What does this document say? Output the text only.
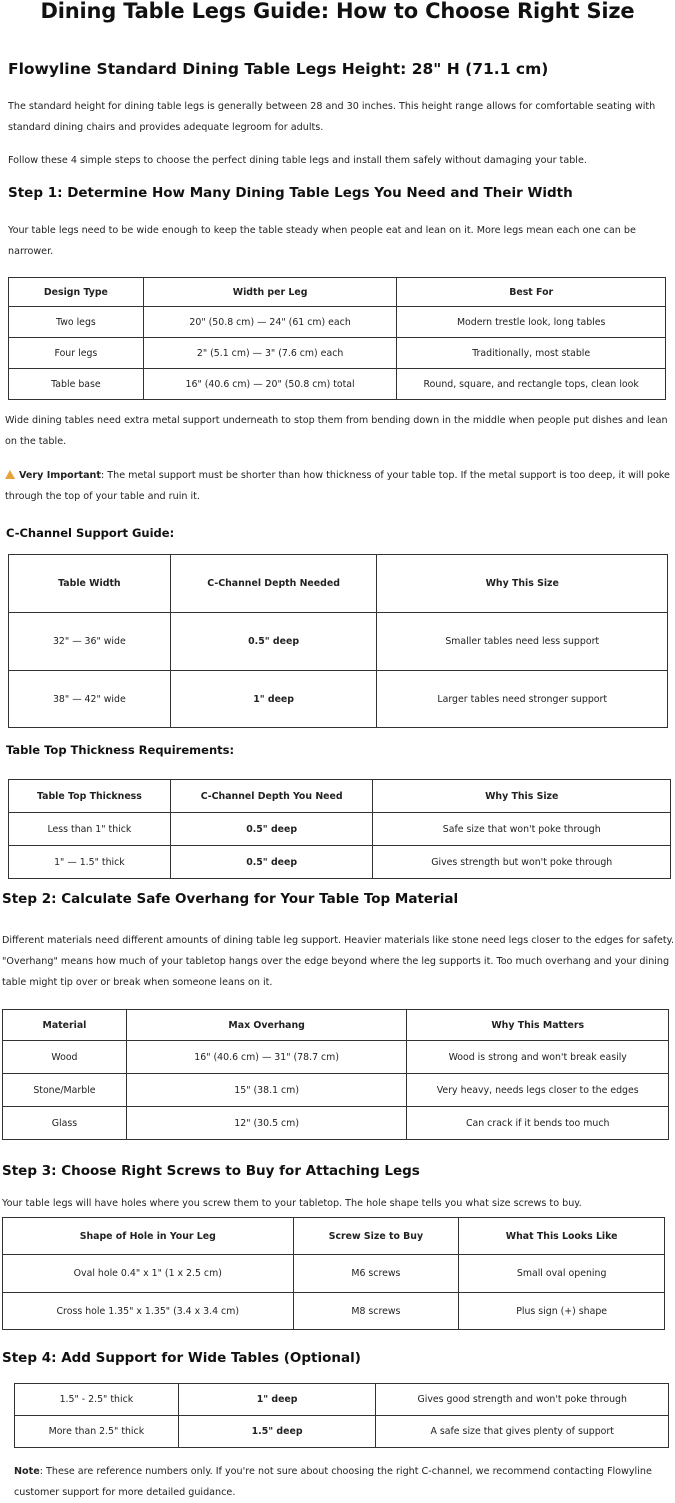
Dining Table Legs Guide: How to Choose Right Size
Flowyline Standard Dining Table Legs Height: 28" H (71.1 cm)

The standard height for dining table legs is generally between 28 and 30 inches. This height range allows for comfortable seating with standard dining chairs and provides adequate legroom for adults.

Follow these 4 simple steps to choose the perfect dining table legs and install them safely without damaging your table.

Step 1: Determine How Many Dining Table Legs You Need and Their Width

Your table legs need to be wide enough to keep the table steady when people eat and lean on it. More legs mean each one can be narrower.

Design Type	Width per Leg	Best For
Two legs	20" (50.8 cm) — 24" (61 cm) each	Modern trestle look, long tables
Four legs	2" (5.1 cm) — 3" (7.6 cm) each	Traditionally, most stable
Table base	16" (40.6 cm) — 20" (50.8 cm) total	Round, square, and rectangle tops, clean look

Wide dining tables need extra metal support underneath to stop them from bending down in the middle when people put dishes and lean on the table.

Very Important: The metal support must be shorter than how thickness of your table top. If the metal support is too deep, it will poke through the top of your table and ruin it.

C-Channel Support Guide:
Table Width	C-Channel Depth Needed	Why This Size
32" — 36" wide	0.5" deep	Smaller tables need less support
38" — 42" wide	1" deep	Larger tables need stronger support
Table Top Thickness Requirements:
Table Top Thickness	C-Channel Depth You Need	Why This Size
Less than 1" thick	0.5" deep	Safe size that won't poke through
1" — 1.5" thick	0.5" deep	Gives strength but won't poke through
Step 2: Calculate Safe Overhang for Your Table Top Material

Different materials need different amounts of dining table leg support. Heavier materials like stone need legs closer to the edges for safety. "Overhang" means how much of your tabletop hangs over the edge beyond where the leg supports it. Too much overhang and your dining table might tip over or break when someone leans on it.

Material	Max Overhang	Why This Matters
Wood	16" (40.6 cm) — 31" (78.7 cm)	Wood is strong and won't break easily
Stone/Marble	15" (38.1 cm)	Very heavy, needs legs closer to the edges
Glass	12" (30.5 cm)	Can crack if it bends too much
Step 3: Choose Right Screws to Buy for Attaching Legs

Your table legs will have holes where you screw them to your tabletop. The hole shape tells you what size screws to buy.

Shape of Hole in Your Leg	Screw Size to Buy	What This Looks Like
Oval hole 0.4" x 1" (1 x 2.5 cm)	M6 screws	Small oval opening
Cross hole 1.35" x 1.35" (3.4 x 3.4 cm)	M8 screws	Plus sign (+) shape
Step 4: Add Support for Wide Tables (Optional)
1.5" - 2.5" thick	1" deep	Gives good strength and won't poke through
More than 2.5" thick	1.5" deep	A safe size that gives plenty of support

Note: These are reference numbers only. If you're not sure about choosing the right C-channel, we recommend contacting Flowyline customer support for more detailed guidance.
